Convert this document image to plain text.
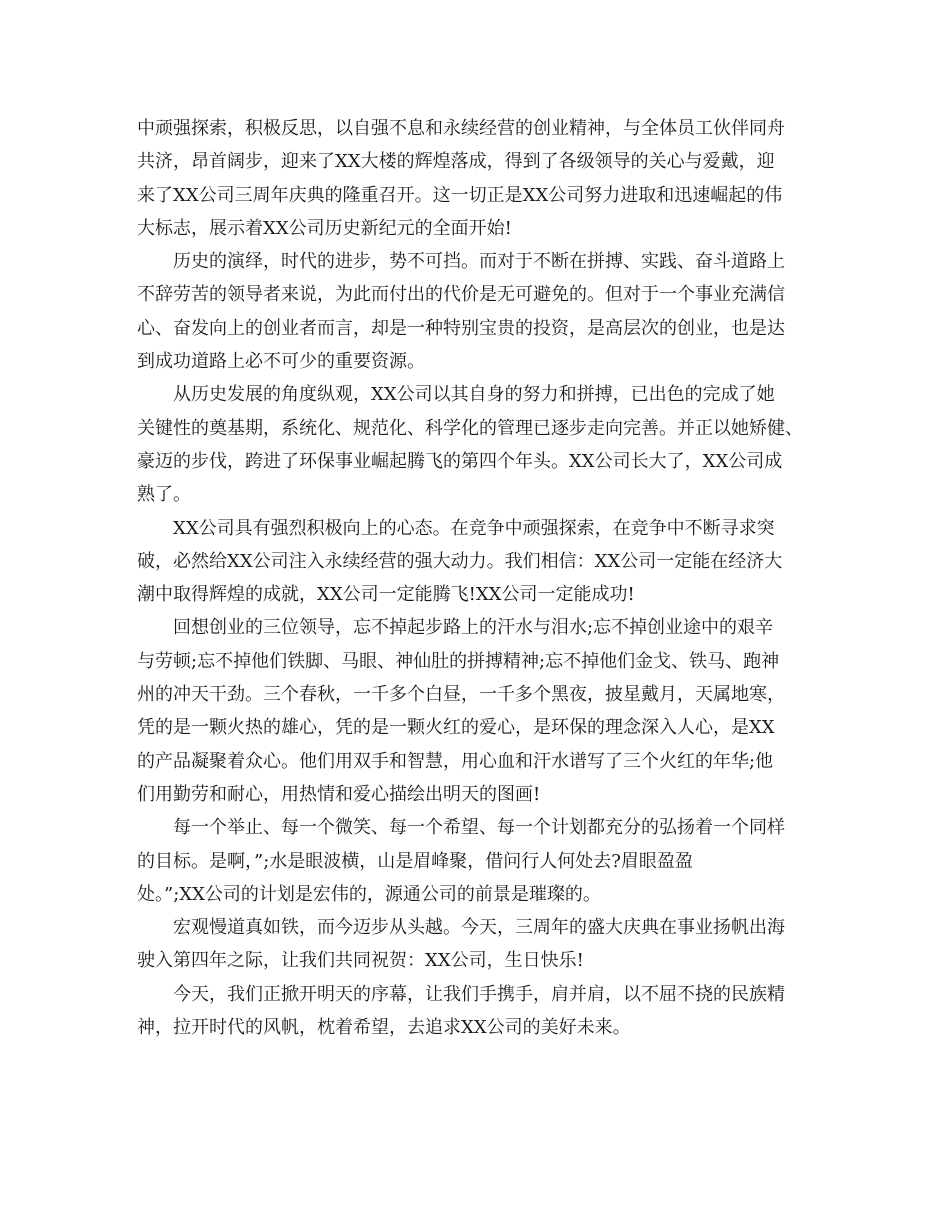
中顽强探索，积极反思，以自强不息和永续经营的创业精神，与全体员工伙伴同舟
共济，昂首阔步，迎来了XX大楼的辉煌落成，得到了各级领导的关心与爱戴，迎
来了XX公司三周年庆典的隆重召开。这一切正是XX公司努力进取和迅速崛起的伟
大标志，展示着XX公司历史新纪元的全面开始!
历史的演绎，时代的进步，势不可挡。而对于不断在拼搏、实践、奋斗道路上
不辞劳苦的领导者来说，为此而付出的代价是无可避免的。但对于一个事业充满信
心、奋发向上的创业者而言，却是一种特别宝贵的投资，是高层次的创业，也是达
到成功道路上必不可少的重要资源。
从历史发展的角度纵观，XX公司以其自身的努力和拼搏，已出色的完成了她
关键性的奠基期，系统化、规范化、科学化的管理已逐步走向完善。并正以她矫健、
豪迈的步伐，跨进了环保事业崛起腾飞的第四个年头。XX公司长大了，XX公司成
熟了。
XX公司具有强烈积极向上的心态。在竞争中顽强探索，在竞争中不断寻求突
破，必然给XX公司注入永续经营的强大动力。我们相信：XX公司一定能在经济大
潮中取得辉煌的成就，XX公司一定能腾飞!XX公司一定能成功!
回想创业的三位领导，忘不掉起步路上的汗水与泪水;忘不掉创业途中的艰辛
与劳顿;忘不掉他们铁脚、马眼、神仙肚的拼搏精神;忘不掉他们金戈、铁马、跑神
州的冲天干劲。三个春秋，一千多个白昼，一千多个黑夜，披星戴月，天属地寒，
凭的是一颗火热的雄心，凭的是一颗火红的爱心，是环保的理念深入人心，是XX
的产品凝聚着众心。他们用双手和智慧，用心血和汗水谱写了三个火红的年华;他
们用勤劳和耐心，用热情和爱心描绘出明天的图画!
每一个举止、每一个微笑、每一个希望、每一个计划都充分的弘扬着一个同样
的目标。是啊，”;水是眼波横，山是眉峰聚，借问行人何处去?眉眼盈盈
处。”;XX公司的计划是宏伟的，源通公司的前景是璀璨的。
宏观慢道真如铁，而今迈步从头越。今天，三周年的盛大庆典在事业扬帆出海
驶入第四年之际，让我们共同祝贺：XX公司，生日快乐!
今天，我们正掀开明天的序幕，让我们手携手，肩并肩，以不屈不挠的民族精
神，拉开时代的风帆，枕着希望，去追求XX公司的美好未来。
